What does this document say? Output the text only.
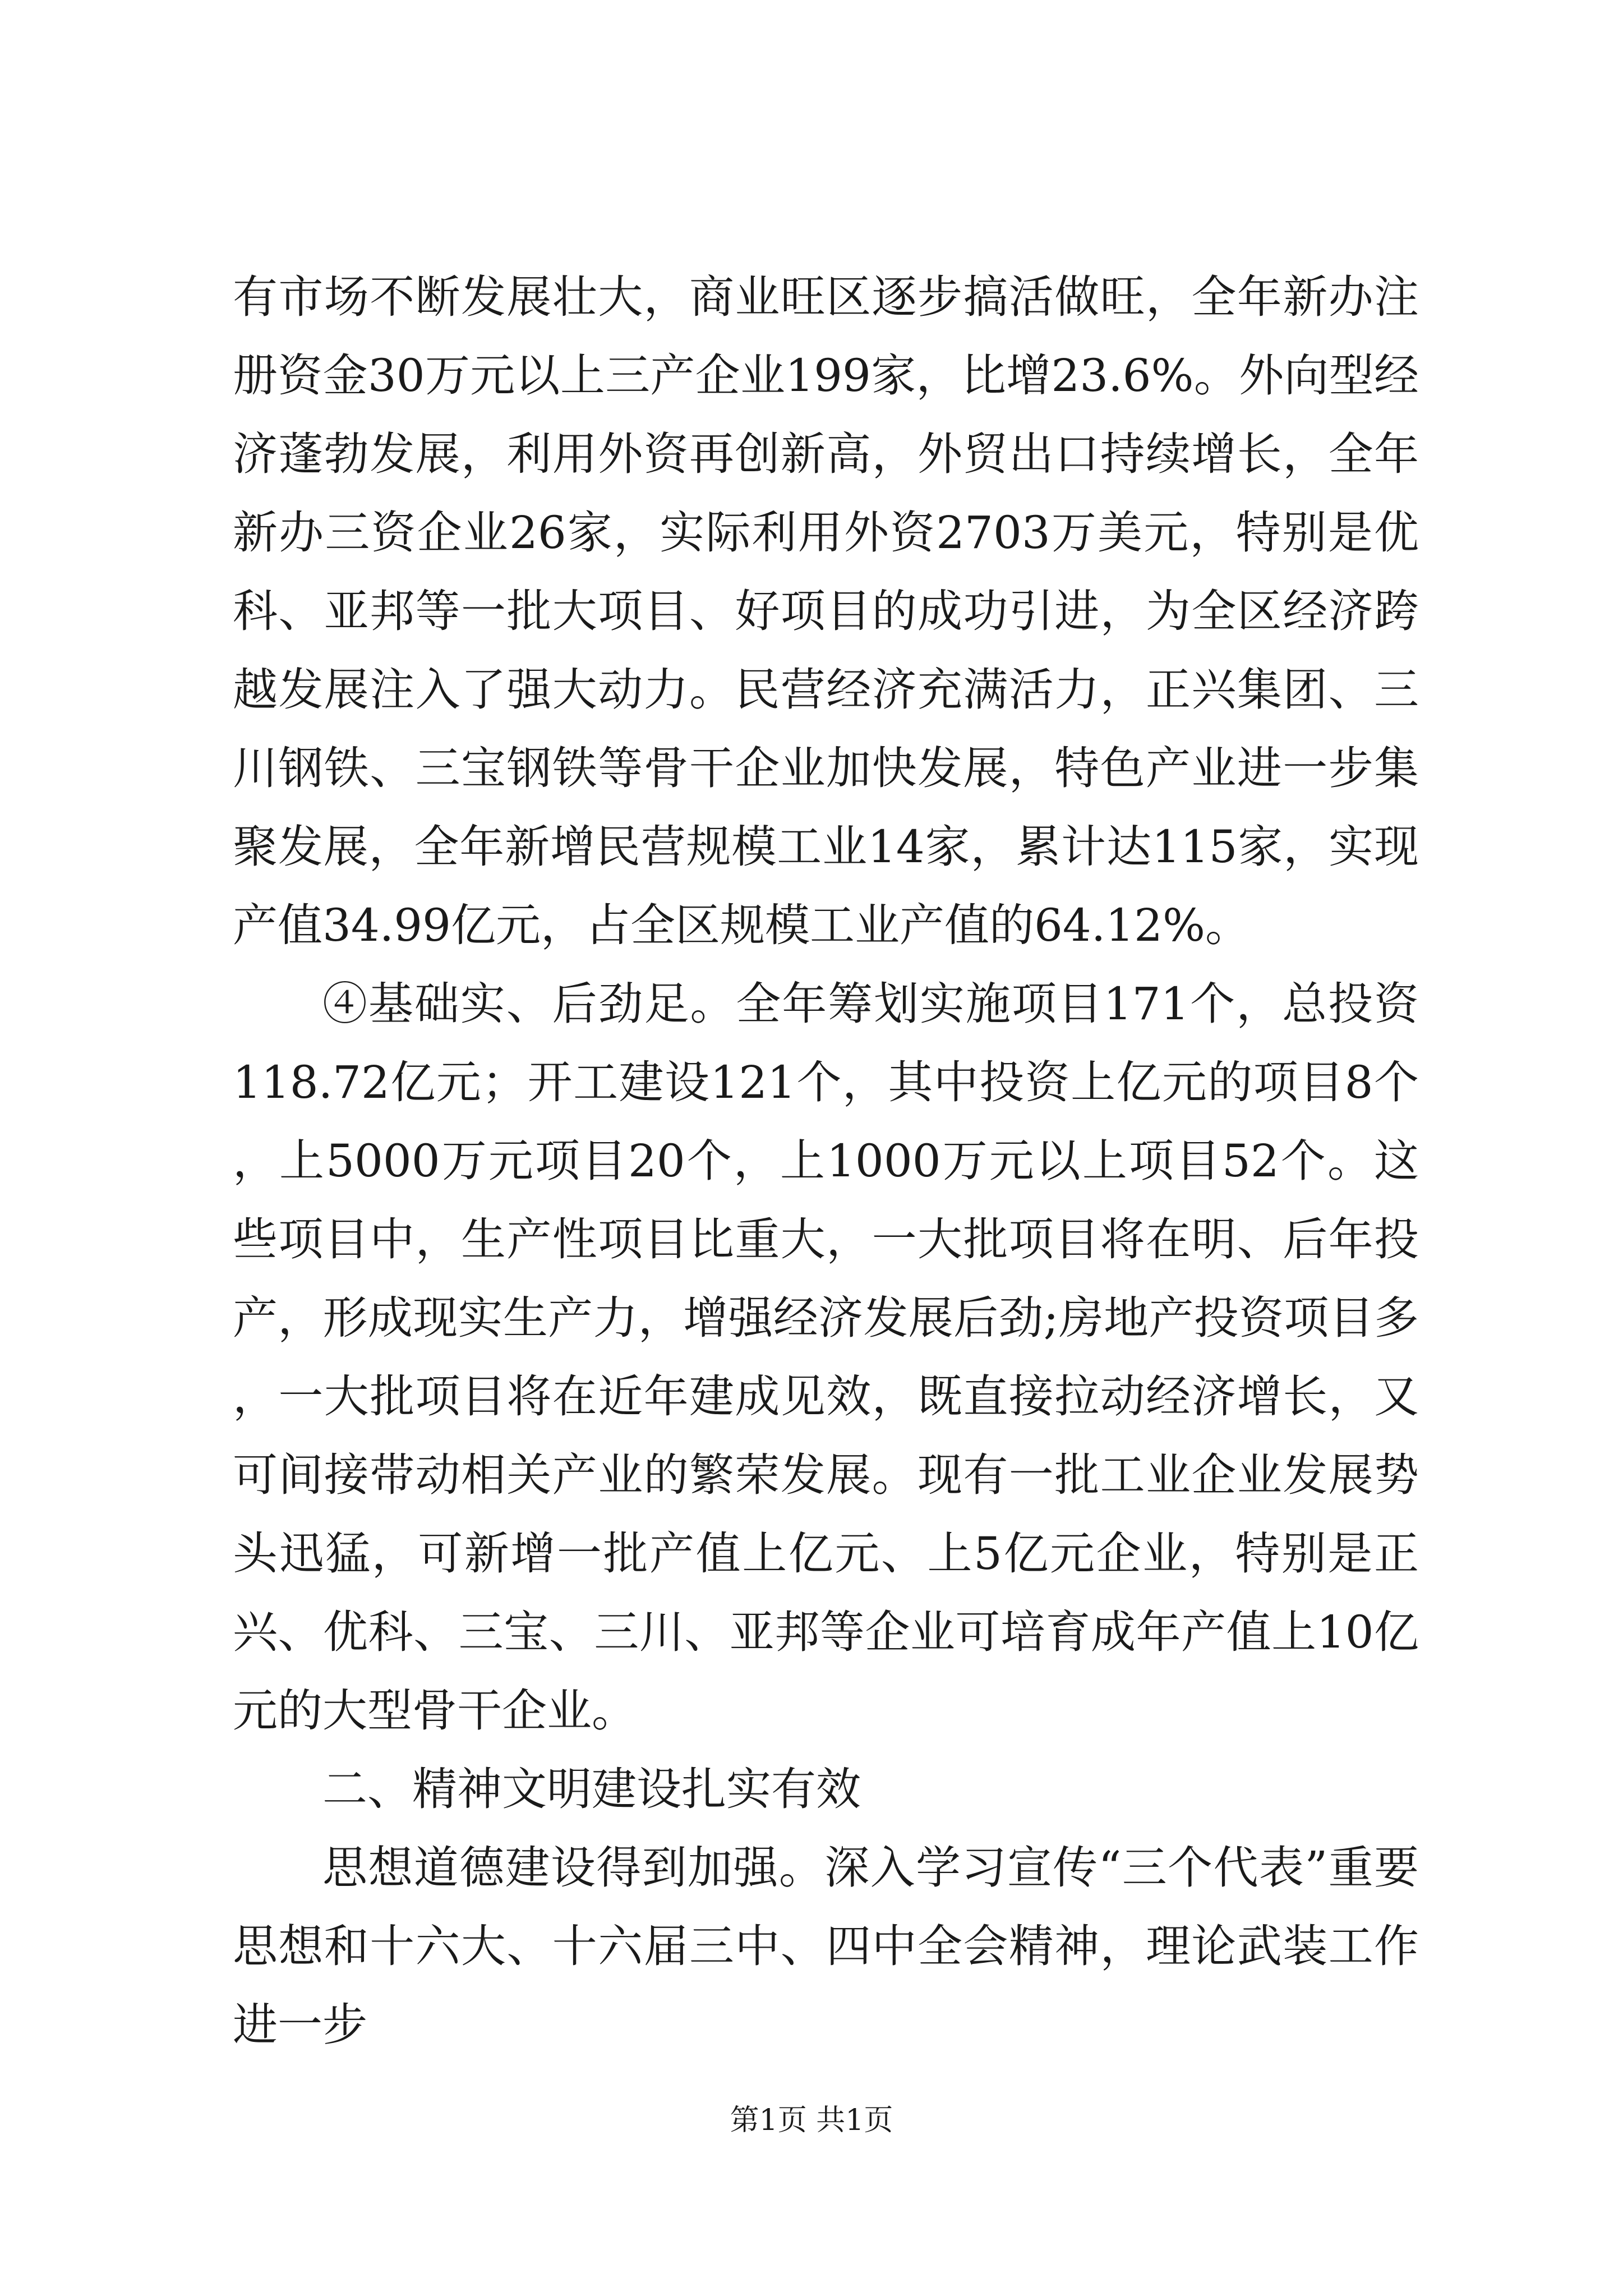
有市场不断发展壮大，商业旺区逐步搞活做旺，全年新办注册资金30万元以上三产企业199家，比增23.6%。外向型经济蓬勃发展，利用外资再创新高，外贸出口持续增长，全年新办三资企业26家，实际利用外资2703万美元，特别是优科、亚邦等一批大项目、好项目的成功引进，为全区经济跨越发展注入了强大动力。民营经济充满活力，正兴集团、三川钢铁、三宝钢铁等骨干企业加快发展，特色产业进一步集聚发展，全年新增民营规模工业14家，累计达115家，实现产值34.99亿元，占全区规模工业产值的64.12%。

④基础实、后劲足。全年筹划实施项目171个，总投资118.72亿元；开工建设121个，其中投资上亿元的项目8个，上5000万元项目20个，上1000万元以上项目52个。这些项目中，生产性项目比重大，一大批项目将在明、后年投产，形成现实生产力，增强经济发展后劲;房地产投资项目多，一大批项目将在近年建成见效，既直接拉动经济增长，又可间接带动相关产业的繁荣发展。现有一批工业企业发展势头迅猛，可新增一批产值上亿元、上5亿元企业，特别是正兴、优科、三宝、三川、亚邦等企业可培育成年产值上10亿元的大型骨干企业。

二、精神文明建设扎实有效

思想道德建设得到加强。深入学习宣传“三个代表”重要思想和十六大、十六届三中、四中全会精神，理论武装工作进一步

第1页 共1页
